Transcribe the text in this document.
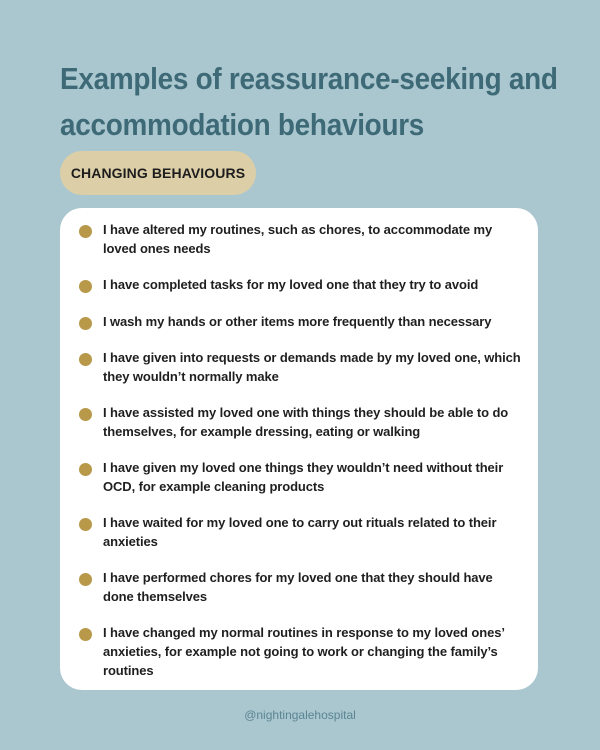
Examples of reassurance-seeking and accommodation behaviours
CHANGING BEHAVIOURS
I have altered my routines, such as chores, to accommodate my loved ones needs
I have completed tasks for my loved one that they try to avoid
I wash my hands or other items more frequently than necessary
I have given into requests or demands made by my loved one, which they wouldn’t normally make
I have assisted my loved one with things they should be able to do themselves, for example dressing, eating or walking
I have given my loved one things they wouldn’t need without their OCD, for example cleaning products
I have waited for my loved one to carry out rituals related to their anxieties
I have performed chores for my loved one that they should have done themselves
I have changed my normal routines in response to my loved ones’ anxieties, for example not going to work or changing the family’s routines
@nightingalehospital
